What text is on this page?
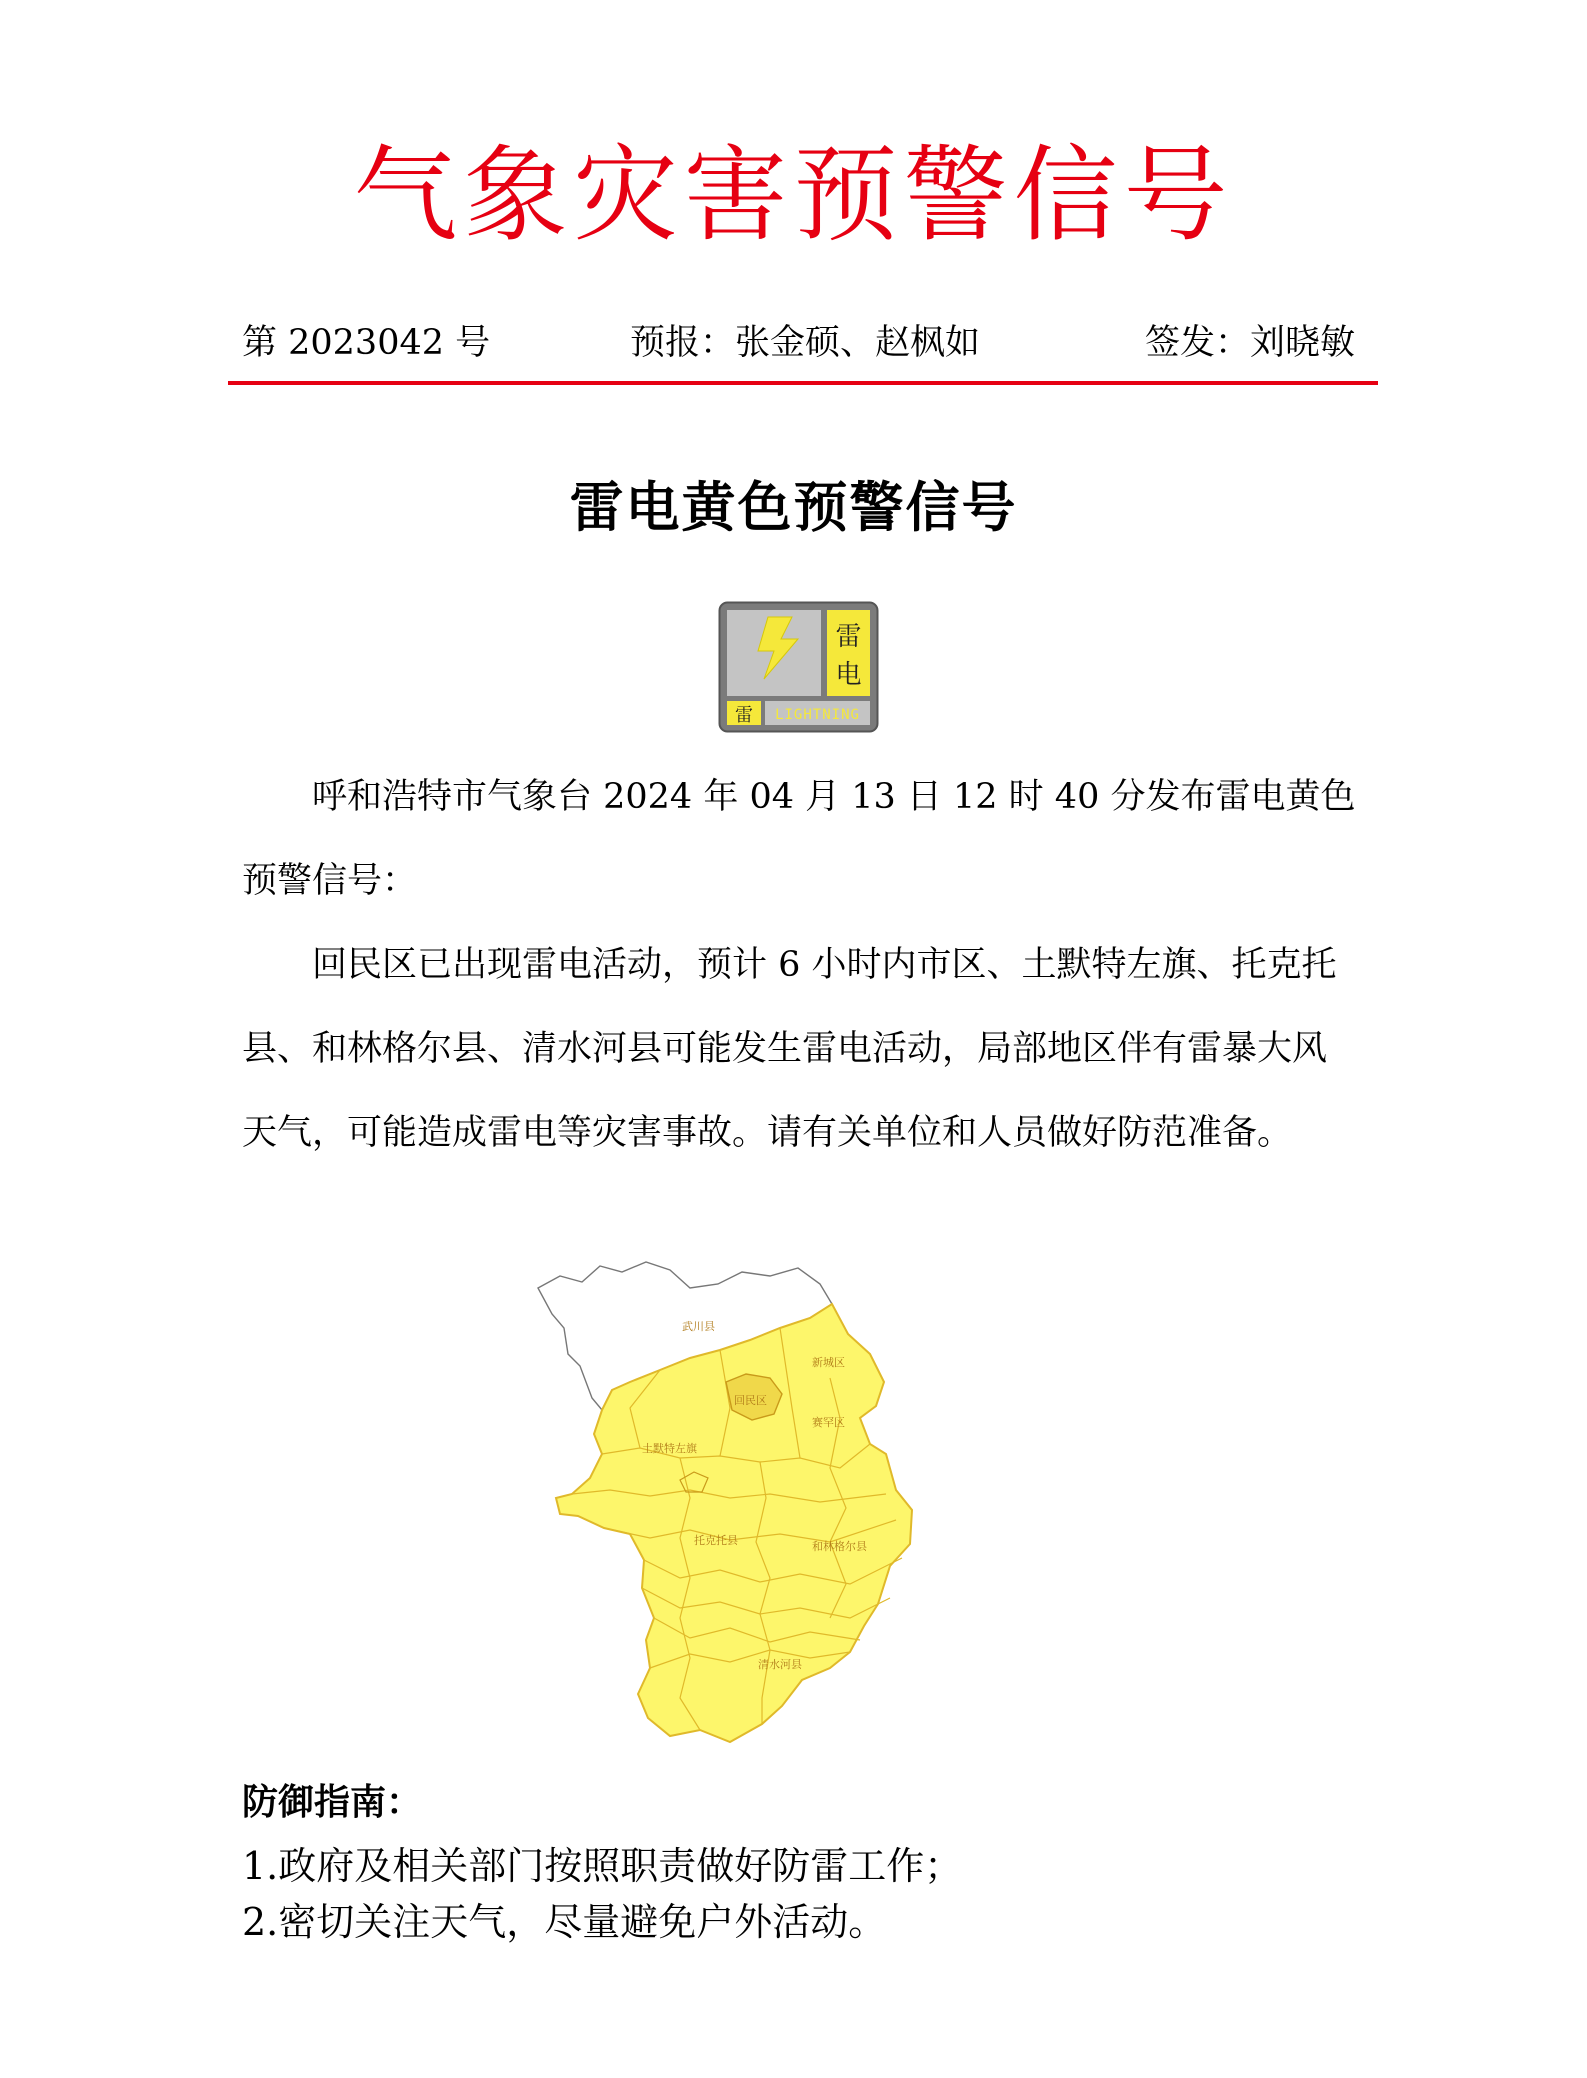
气象灾害预警信号
第 2023042 号	预报：张金硕、赵枫如	签发：刘晓敏
雷电黄色预警信号
雷
电
雷 LIGHTNING
呼和浩特市气象台 2024 年 04 月 13 日 12 时 40 分发布雷电黄色预警信号：
回民区已出现雷电活动，预计 6 小时内市区、土默特左旗、托克托县、和林格尔县、清水河县可能发生雷电活动，局部地区伴有雷暴大风天气，可能造成雷电等灾害事故。请有关单位和人员做好防范准备。
武川县
新城区
回民区
赛罕区
土默特左旗
托克托县	和林格尔县
清水河县
防御指南：
1.政府及相关部门按照职责做好防雷工作；
2.密切关注天气，尽量避免户外活动。
